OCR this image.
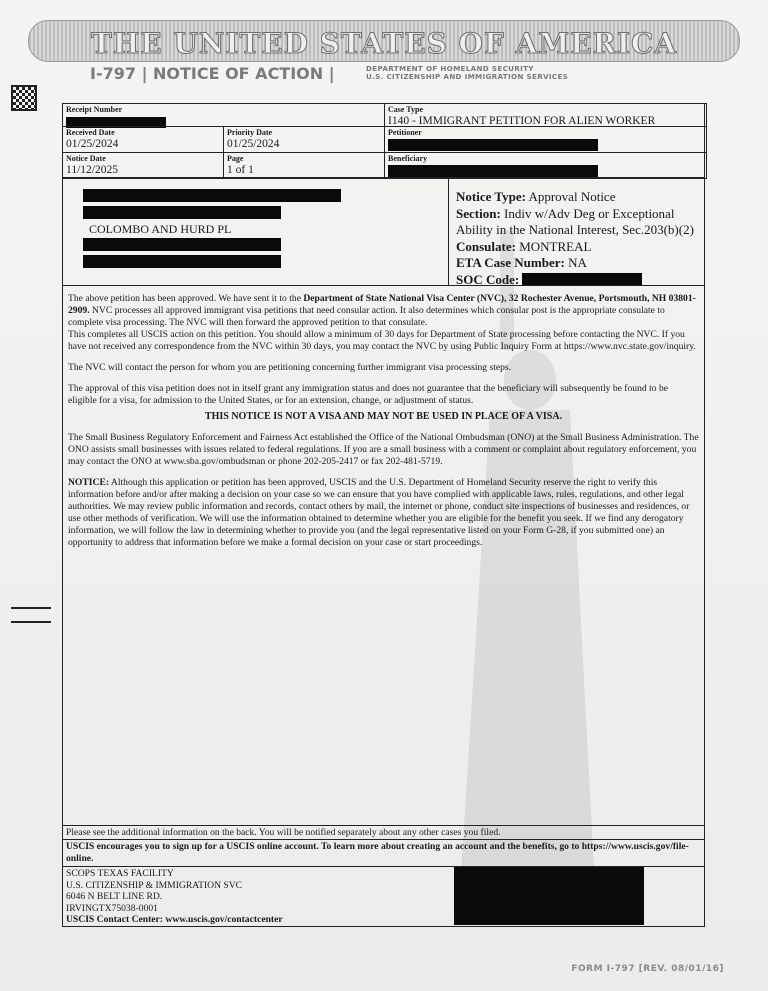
THE UNITED STATES OF AMERICA
I-797 | NOTICE OF ACTION |	DEPARTMENT OF HOMELAND SECURITY
U.S. CITIZENSHIP AND IMMIGRATION SERVICES
Receipt Number	Case Type
I140 - IMMIGRANT PETITION FOR ALIEN WORKER
Received Date
01/25/2024
Priority Date
01/25/2024
Petitioner
Notice Date
11/12/2025
Page
1 of 1
Beneficiary
COLOMBO AND HURD PL
Notice Type: Approval Notice
Section: Indiv w/Adv Deg or Exceptional Ability in the National Interest, Sec.203(b)(2)
Consulate: MONTREAL
ETA Case Number: NA
SOC Code:

The above petition has been approved. We have sent it to the Department of State National Visa Center (NVC), 32 Rochester Avenue, Portsmouth, NH 03801-2909. NVC processes all approved immigrant visa petitions that need consular action. It also determines which consular post is the appropriate consulate to complete visa processing. The NVC will then forward the approved petition to that consulate.

This completes all USCIS action on this petition. You should allow a minimum of 30 days for Department of State processing before contacting the NVC. If you have not received any correspondence from the NVC within 30 days, you may contact the NVC by using Public Inquiry Form at https://www.nvc.state.gov/inquiry.

The NVC will contact the person for whom you are petitioning concerning further immigrant visa processing steps.

The approval of this visa petition does not in itself grant any immigration status and does not guarantee that the beneficiary will subsequently be found to be eligible for a visa, for admission to the United States, or for an extension, change, or adjustment of status.

THIS NOTICE IS NOT A VISA AND MAY NOT BE USED IN PLACE OF A VISA.

The Small Business Regulatory Enforcement and Fairness Act established the Office of the National Ombudsman (ONO) at the Small Business Administration. The ONO assists small businesses with issues related to federal regulations. If you are a small business with a comment or complaint about regulatory enforcement, you may contact the ONO at www.sba.gov/ombudsman or phone 202-205-2417 or fax 202-481-5719.

NOTICE: Although this application or petition has been approved, USCIS and the U.S. Department of Homeland Security reserve the right to verify this information before and/or after making a decision on your case so we can ensure that you have complied with applicable laws, rules, regulations, and other legal authorities. We may review public information and records, contact others by mail, the internet or phone, conduct site inspections of businesses and residences, or use other methods of verification. We will use the information obtained to determine whether you are eligible for the benefit you seek. If we find any derogatory information, we will follow the law in determining whether to provide you (and the legal representative listed on your Form G-28, if you submitted one) an opportunity to address that information before we make a formal decision on your case or start proceedings.

Please see the additional information on the back. You will be notified separately about any other cases you filed.
USCIS encourages you to sign up for a USCIS online account. To learn more about creating an account and the benefits, go to https://www.uscis.gov/file-online.
SCOPS TEXAS FACILITY
U.S. CITIZENSHIP & IMMIGRATION SVC
6046 N BELT LINE RD.
IRVINGTX75038-0001
USCIS Contact Center: www.uscis.gov/contactcenter
FORM I-797 [REV. 08/01/16]
